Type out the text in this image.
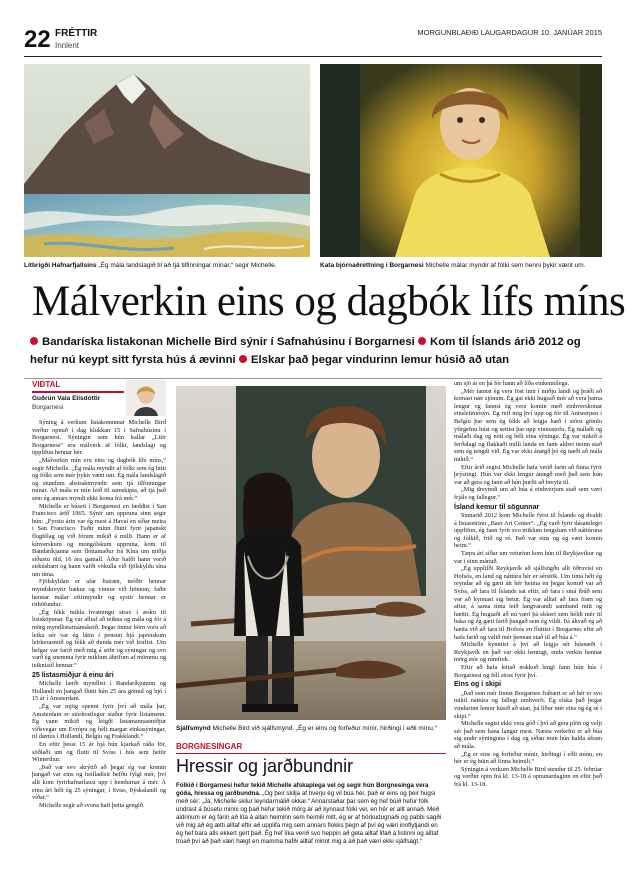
22 FRÉTTIR
Innlent
MORGUNBLAÐIÐ LAUGARDAGUR 10. JANÚAR 2015
Litbrigði Hafnarfjallsins „Ég mála landslagið til að tjá tilfinningar mínar,“ segir Michelle.	Kata bjórnaðrettning í Borgarnesi Michelle málar myndir af fólki sem henni þykir vænt um.
Málverkin eins og dagbók lífs míns
Bandaríska listakonan Michelle Bird sýnir í Safnahúsinu í Borgarnesi Kom til Íslands árið 2012 og hefur nú keypt sitt fyrsta hús á ævinni Elskar það þegar vindurinn lemur húsið að utan
VIÐTAL
Guðrún Vala Elísdóttir
Borgarnesi

Sýning á verkum listakonunnar Michelle Bird verður opnuð í dag klukkan 15 í Safnahúsinu í Borgarnesi. Sýningin sem hún kallar „Litir Borgarness“ eru málverk af fólki, landslagi og upplifun hennar hér.

„Málverkin mín eru eins og dagbók lífs míns,“ segir Michelle. „Ég mála myndir af fólki sem ég hitti og fólki sem mér þykir vænt um. Ég mála landslagið og stundum abstraktmyndir sem tjá tilfinningar mínar. Að mála er mín leið til samskipta, að tjá það sem ég annars myndi ekki koma frá mér.“

Michelle er búsett í Borgarnesi en fæddist í San Francisco árið 1965. Sýnir um uppruna sinn segir hún: „Fyrstu árin var ég mest á Havaí en síðar meira í San Francisco. Faðir minn flutti fyrir japanskt flugfélag og við fórum mikið á milli. Hann er af kínverskum og mongólskum uppruna, kom til Bandaríkjanna sem flóttamaður frá Kína um miðja síðustu öld, 16 ára gamall. Áður hafði hann verið sirkúsbarn og hann vafði vökulla við fjölskyldu sína um tíma.

Fjölskyldan er afar listræn, móðir hennar myndskreytir bækur og vinnur við hönnun, faðir hennar málar eftirmyndir og systir hennar er rithöfundur.

„Ég fékk mikla hvatningu strax í æsku til listsköpunar. Ég var alltaf að teikna og mála og fór á mörg myndlistarnámskeið. Þegar önnur börn voru að leika sér var ég látin í pensun hjá japönskum leirkerasmið og fékk að dunda mér við leirlist. Um helgar var farið með mig á söfn og sýningar og svo varð ég snemma fyrir miklum áhrifum af mömmu og teiknistíl hennar.“

25 listasmiðjur á einu ári

Michelle lærði myndlist í Bandaríkjunum og Hollandi en þangað flutti hún 25 ára gömul og bjó í 15 ár í Amsterdam.

„Ég var mjög spennt fyrir því að mála þar, Amsterdam er stórkostlegur staður fyrir listamenn. Ég vann mikið og leigði listamannasmiðjur víðsvegar um Evrópu og hélt margar einkasýningar, til dæmis í Hollandi, Belgíu og Frakklandi.“

En eftir þessi 15 ár hjá hún kjarkað ráða för, söðlaði um og flutti til Svíss í hús sem heitir Winterthur.

„Það var svo skrýtið að þegar ég var komin þangað var eins og heilladísir hefðu fylgt mér, því allt kom fyrirhafnarlaust upp í hendurnar á mér. Á einu ári hélt ég 25 sýningar, í Sviss, Þýskalandi og víðar.“

Michelle segir að svona hafi þetta gengið.

Sjálfsmynd Michelle Bird við sjálfsmynd. „Ég er eins og forfeður mínir, hirðingi í eðli mínu.“
BORGNESINGAR
Hressir og jarðbundnir
Fólkið í Borgarnesi hefur tekið Michelle afskaplega vel og segir hún Borgnesinga vera góða, hressa og jarðbundna. „Og þeir skilja af hverju ég vil búa hér, það er eins og þeir hugsi með sér: „Já, Michelle skilur leyndarmálið okkar.“ Annarstaðar þar sem ég hef búið hefur fólk undrast á búsetu minni og það hefur tekið mörg ár að kynnast fólki vel, en hér er allt annað. Með aldrinum er ég farin að líta á allan heiminn sem heimili mitt, ég er af hörkudugnaði og pabbi sagði við mig að ég ætti alltaf eftir að upplifa mig sem annars flokks þegn af því ég væri innflytjandi en ég hef bara alls ekkert gert það. Ég hef líka verið svo heppin að geta alltaf lifað á listinni og alltaf trúað því að það væri hægt en mamma hafði alltaf minnt mig á að það væri ekki sjálfsagt.“

um sjö ár en þá fór hann að líða einkennilega.

„Mér fannst ég vera föst inni í miðju landi og þráði að komast nær sjónum. Ég gat ekki hugsað mér að vera þarna lengur og fannst ég vera komin með einhverskonar einsleitniósýn. Ég reif mig því upp og fór til Antwerpen í Belgíu þar sem ég fékk að leigja hæð í stóru gömlu yfirgefnu húsi og settist þar upp vinnustofu. Ég málaði og málaði dag og nótt og hélt eina sýningu. Ég var mikið á ferðalagi og flakkaði milli landa en fann aldrei neinn stað sem ég tengdi við. Ég var ekki ánægð þó ég næði að mála mikið.“

Eftir árið segist Michelle hafa verið farin að finna fyrir þrýstingi. Hún var ekki lengur ánægð með það sem hún var að gera og fann að hún þurfti að breyta til.

„Mig dreymdi um að búa á einhverjum stað sem væri frjáls og fallegur.“

Ísland kemur til sögunnar

Sumarið 2012 kom Michelle fyrst til Íslands og dvaldi á listasetrinu „Baer Art Center“. „Ég varð fyrir dásamlegri upplifun, ég fann fyrir svo miklum tengslum við náttúruna og fólkið, frið og ró. Það var eins og ég væri komin heim.“

Tæpu ári síðar um veturinn kom hún til Reykjavíkur og var í einn mánuð.

„Ég upplifði Reykjavík að sjálfsögðu allt öðruvísi en Hofsós, en land og náttúra hér er sérstök. Um tíma hélt ég reyndar að ég gæti átt hér heima en þegar komið var að Svíss, að fara til Íslands sat eftir, að fara í smá íbúð sem var að kynnast sig betur. Ég var alltaf að fara fram og aftur, á sama tíma leið langvarandi samband mitt og hættir. Ég hugsaði að nú væri þá ekkert sem héldi mér til baka og ég gæti farið þangað sem ég vildi. Þá ákvað ég að hætta við að fara til Hofsós en fluttist í Borgarnes eftir að hafa farið og valið mér þennan stað til að búa á.“

Michelle kynntist á því að leigja sér húsnæði í Reykjavík en það var ekki hentugt, enda verkin hennar mörg stór og rúmfrek.

Eftir að hafa leitað nokkuð lengi fann hún hús í Borgarnesi og féll strax fyrir því.

Eins og í skipi

„Það sem mér finnst Borgarnes frábært er að hér er svo mikil náttúra og fallegt umhverfi. Ég elska það þegar vindurinn lemur húsið að utan, þá líður mér eins og ég sé í skipi.“

Michelle segist ekki vera góð í því að gera plön og velji sér það sem hana langar mest. Næsta verkefni er að búa sig undir sýninguna í dag og síðan mun hún halda áfram að mála.

„Ég er eins og forfeður mínir, hirðingi í eðli mínu, en hér er ég búin að finna heimili.“

Sýningin á verkum Michelle Bird stendur til 25. febrúar og verður opin frá kl. 13-18 á opnunardaginn en eftir það frá kl. 13-18.
